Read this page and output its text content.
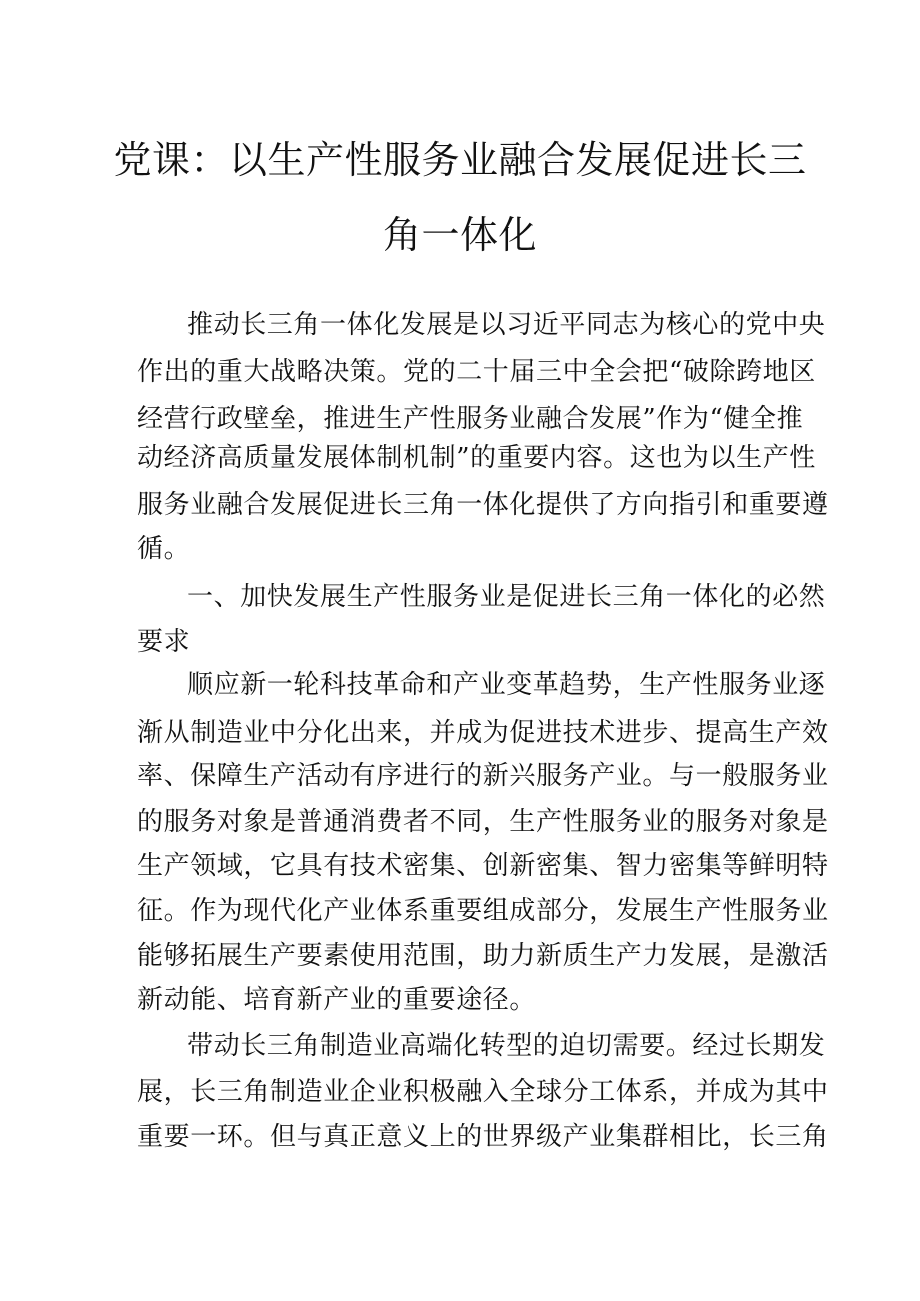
党课：以生产性服务业融合发展促进长三
角一体化
推动长三角一体化发展是以习近平同志为核心的党中央
作出的重大战略决策。党的二十届三中全会把“破除跨地区
经营行政壁垒，推进生产性服务业融合发展”作为“健全推
动经济高质量发展体制机制”的重要内容。这也为以生产性
服务业融合发展促进长三角一体化提供了方向指引和重要遵
循。
一、加快发展生产性服务业是促进长三角一体化的必然
要求
顺应新一轮科技革命和产业变革趋势，生产性服务业逐
渐从制造业中分化出来，并成为促进技术进步、提高生产效
率、保障生产活动有序进行的新兴服务产业。与一般服务业
的服务对象是普通消费者不同，生产性服务业的服务对象是
生产领域，它具有技术密集、创新密集、智力密集等鲜明特
征。作为现代化产业体系重要组成部分，发展生产性服务业
能够拓展生产要素使用范围，助力新质生产力发展，是激活
新动能、培育新产业的重要途径。
带动长三角制造业高端化转型的迫切需要。经过长期发
展，长三角制造业企业积极融入全球分工体系，并成为其中
重要一环。但与真正意义上的世界级产业集群相比，长三角
